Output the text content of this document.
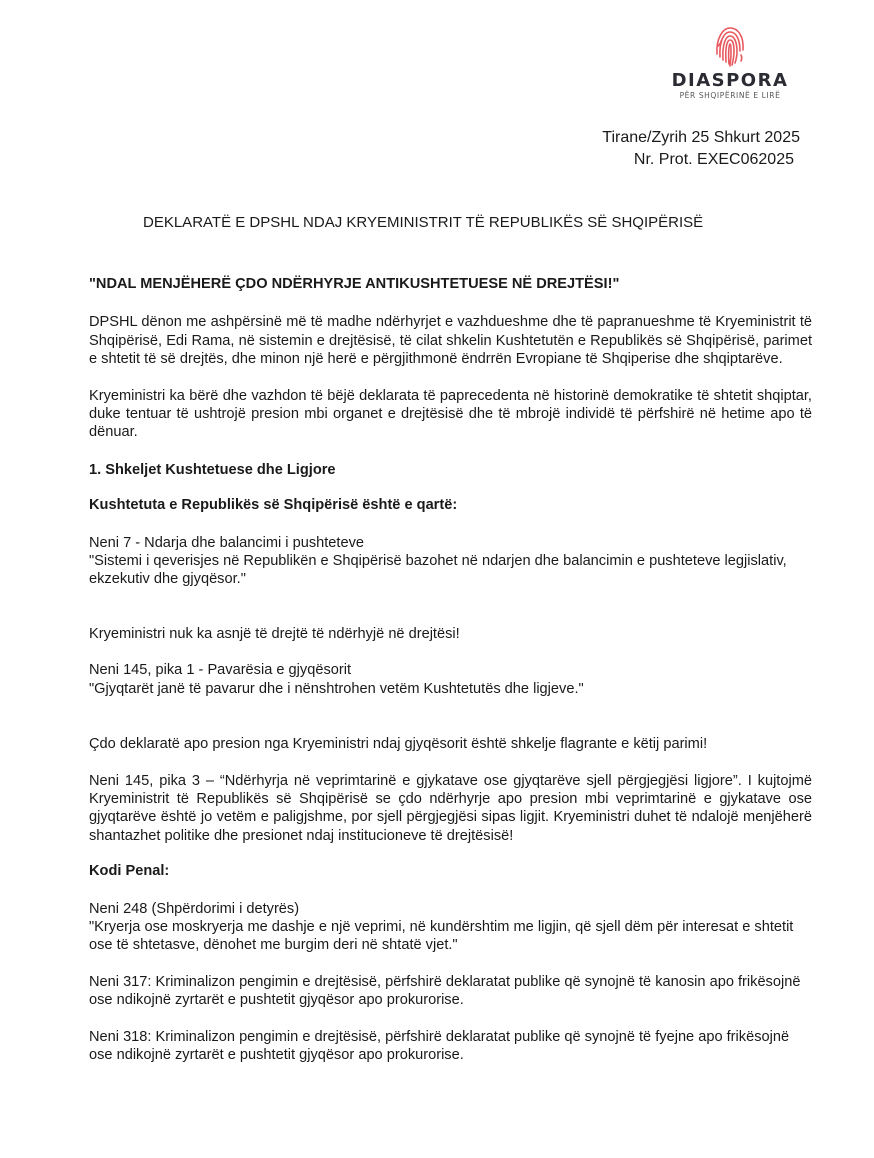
DIASPORA
PËR SHQIPËRINË E LIRË
Tirane/Zyrih 25 Shkurt 2025
Nr. Prot. EXEC062025
DEKLARATË E DPSHL NDAJ KRYEMINISTRIT TË REPUBLIKËS SË SHQIPËRISË

"NDAL MENJËHERË ÇDO NDËRHYRJE ANTIKUSHTETUESE NË DREJTËSI!"

DPSHL dënon me ashpërsinë më të madhe ndërhyrjet e vazhdueshme dhe të papranueshme të Kryeministrit të Shqipërisë, Edi Rama, në sistemin e drejtësisë, të cilat shkelin Kushtetutën e Republikës së Shqipërisë, parimet e shtetit të së drejtës, dhe minon një herë e përgjithmonë ëndrrën Evropiane të Shqiperise dhe shqiptarëve.

Kryeministri ka bërë dhe vazhdon të bëjë deklarata të paprecedenta në historinë demokratike të shtetit shqiptar, duke tentuar të ushtrojë presion mbi organet e drejtësisë dhe të mbrojë individë të përfshirë në hetime apo të dënuar.

1. Shkeljet Kushtetuese dhe Ligjore

Kushtetuta e Republikës së Shqipërisë është e qartë:

Neni 7 - Ndarja dhe balancimi i pushteteve

"Sistemi i qeverisjes në Republikën e Shqipërisë bazohet në ndarjen dhe balancimin e pushteteve legjislativ, ekzekutiv dhe gjyqësor."

Kryeministri nuk ka asnjë të drejtë të ndërhyjë në drejtësi!

Neni 145, pika 1 - Pavarësia e gjyqësorit

"Gjyqtarët janë të pavarur dhe i nënshtrohen vetëm Kushtetutës dhe ligjeve."

Çdo deklaratë apo presion nga Kryeministri ndaj gjyqësorit është shkelje flagrante e këtij parimi!

Neni 145, pika 3 – “Ndërhyrja në veprimtarinë e gjykatave ose gjyqtarëve sjell përgjegjësi ligjore”. I kujtojmë Kryeministrit të Republikës së Shqipërisë se çdo ndërhyrje apo presion mbi veprimtarinë e gjykatave ose gjyqtarëve është jo vetëm e paligjshme, por sjell përgjegjësi sipas ligjit. Kryeministri duhet të ndalojë menjëherë shantazhet politike dhe presionet ndaj institucioneve të drejtësisë!

Kodi Penal:

Neni 248 (Shpërdorimi i detyrës)

"Kryerja ose moskryerja me dashje e një veprimi, në kundërshtim me ligjin, që sjell dëm për interesat e shtetit ose të shtetasve, dënohet me burgim deri në shtatë vjet."

Neni 317: Kriminalizon pengimin e drejtësisë, përfshirë deklaratat publike që synojnë të kanosin apo frikësojnë ose ndikojnë zyrtarët e pushtetit gjyqësor apo prokurorise.

Neni 318: Kriminalizon pengimin e drejtësisë, përfshirë deklaratat publike që synojnë të fyejne apo frikësojnë ose ndikojnë zyrtarët e pushtetit gjyqësor apo prokurorise.
